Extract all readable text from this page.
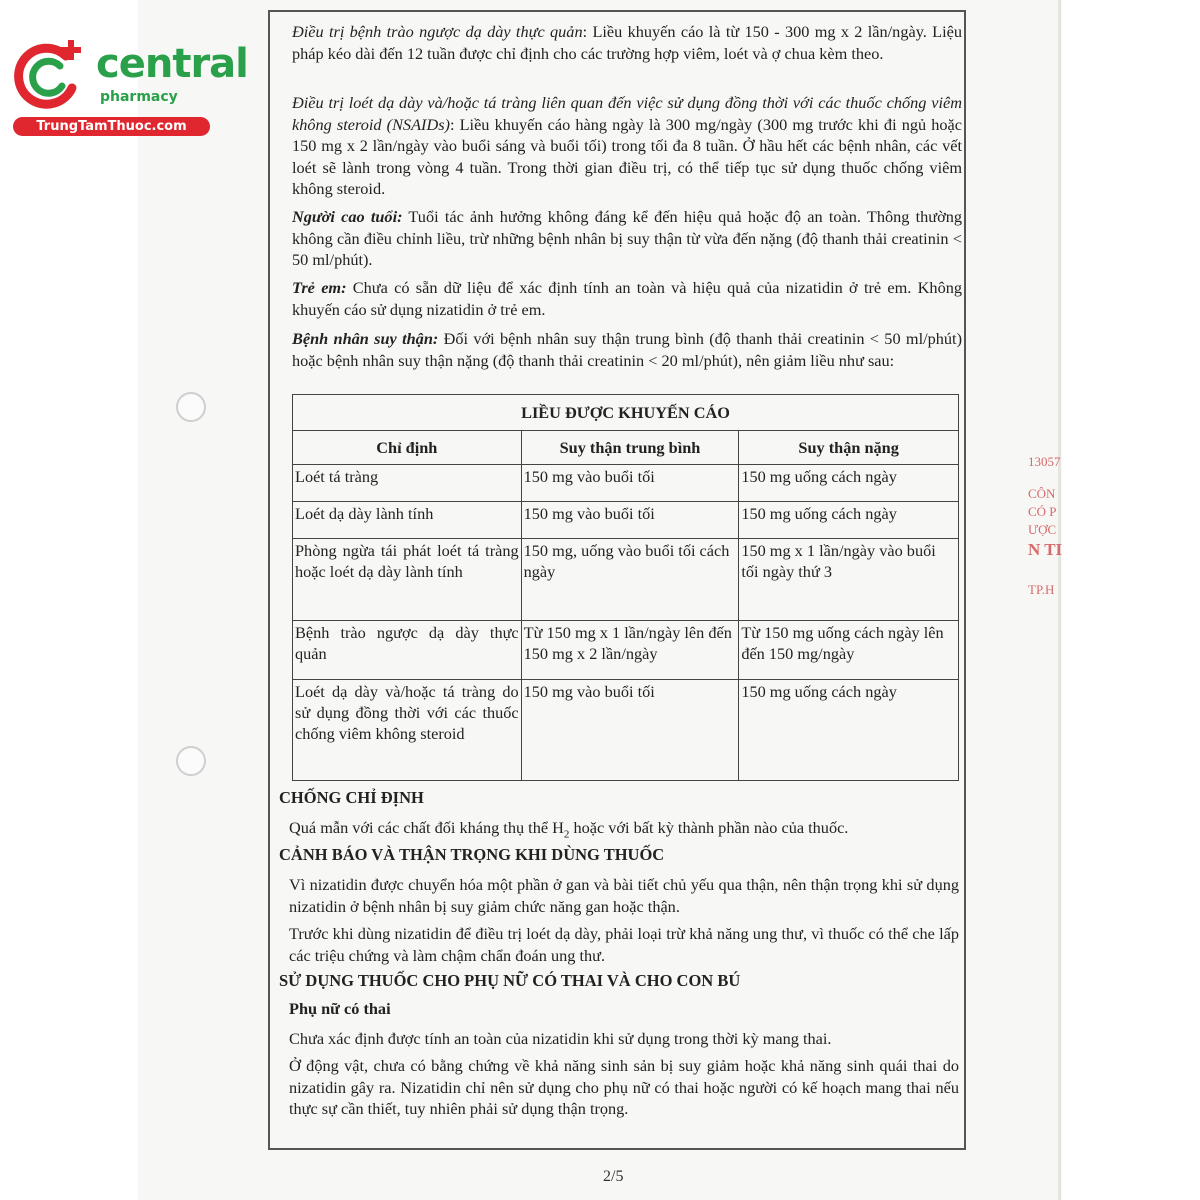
central
pharmacy
TrungTamThuoc.com
13057
CÔN
CÓ P
ƯỢC
N TI
TP.H
Điều trị bệnh trào ngược dạ dày thực quản: Liều khuyến cáo là từ 150 - 300 mg x 2 lần/ngày. Liệu pháp kéo dài đến 12 tuần được chỉ định cho các trường hợp viêm, loét và ợ chua kèm theo.
Điều trị loét dạ dày và/hoặc tá tràng liên quan đến việc sử dụng đồng thời với các thuốc chống viêm không steroid (NSAIDs): Liều khuyến cáo hàng ngày là 300 mg/ngày (300 mg trước khi đi ngủ hoặc 150 mg x 2 lần/ngày vào buổi sáng và buổi tối) trong tối đa 8 tuần. Ở hầu hết các bệnh nhân, các vết loét sẽ lành trong vòng 4 tuần. Trong thời gian điều trị, có thể tiếp tục sử dụng thuốc chống viêm không steroid.
Người cao tuổi: Tuổi tác ảnh hưởng không đáng kể đến hiệu quả hoặc độ an toàn. Thông thường không cần điều chỉnh liều, trừ những bệnh nhân bị suy thận từ vừa đến nặng (độ thanh thải creatinin < 50 ml/phút).
Trẻ em: Chưa có sẵn dữ liệu để xác định tính an toàn và hiệu quả của nizatidin ở trẻ em. Không khuyến cáo sử dụng nizatidin ở trẻ em.
Bệnh nhân suy thận: Đối với bệnh nhân suy thận trung bình (độ thanh thải creatinin < 50 ml/phút) hoặc bệnh nhân suy thận nặng (độ thanh thải creatinin < 20 ml/phút), nên giảm liều như sau:
LIỀU ĐƯỢC KHUYẾN CÁO		
Chỉ định	Suy thận trung bình	Suy thận nặng
Loét tá tràng	150 mg vào buổi tối	150 mg uống cách ngày
Loét dạ dày lành tính	150 mg vào buổi tối	150 mg uống cách ngày
Phòng ngừa tái phát loét tá tràng hoặc loét dạ dày lành tính	150 mg, uống vào buổi tối cách ngày	150 mg x 1 lần/ngày vào buổi tối ngày thứ 3
Bệnh trào ngược dạ dày thực quản	Từ 150 mg x 1 lần/ngày lên đến 150 mg x 2 lần/ngày	Từ 150 mg uống cách ngày lên đến 150 mg/ngày
Loét dạ dày và/hoặc tá tràng do sử dụng đồng thời với các thuốc chống viêm không steroid	150 mg vào buổi tối	150 mg uống cách ngày
CHỐNG CHỈ ĐỊNH
Quá mẫn với các chất đối kháng thụ thể $H_2$ hoặc với bất kỳ thành phần nào của thuốc.
CẢNH BÁO VÀ THẬN TRỌNG KHI DÙNG THUỐC
Vì nizatidin được chuyển hóa một phần ở gan và bài tiết chủ yếu qua thận, nên thận trọng khi sử dụng nizatidin ở bệnh nhân bị suy giảm chức năng gan hoặc thận.
Trước khi dùng nizatidin để điều trị loét dạ dày, phải loại trừ khả năng ung thư, vì thuốc có thể che lấp các triệu chứng và làm chậm chẩn đoán ung thư.
SỬ DỤNG THUỐC CHO PHỤ NỮ CÓ THAI VÀ CHO CON BÚ
Phụ nữ có thai
Chưa xác định được tính an toàn của nizatidin khi sử dụng trong thời kỳ mang thai.
Ở động vật, chưa có bằng chứng về khả năng sinh sản bị suy giảm hoặc khả năng sinh quái thai do nizatidin gây ra. Nizatidin chỉ nên sử dụng cho phụ nữ có thai hoặc người có kế hoạch mang thai nếu thực sự cần thiết, tuy nhiên phải sử dụng thận trọng.
2/5
